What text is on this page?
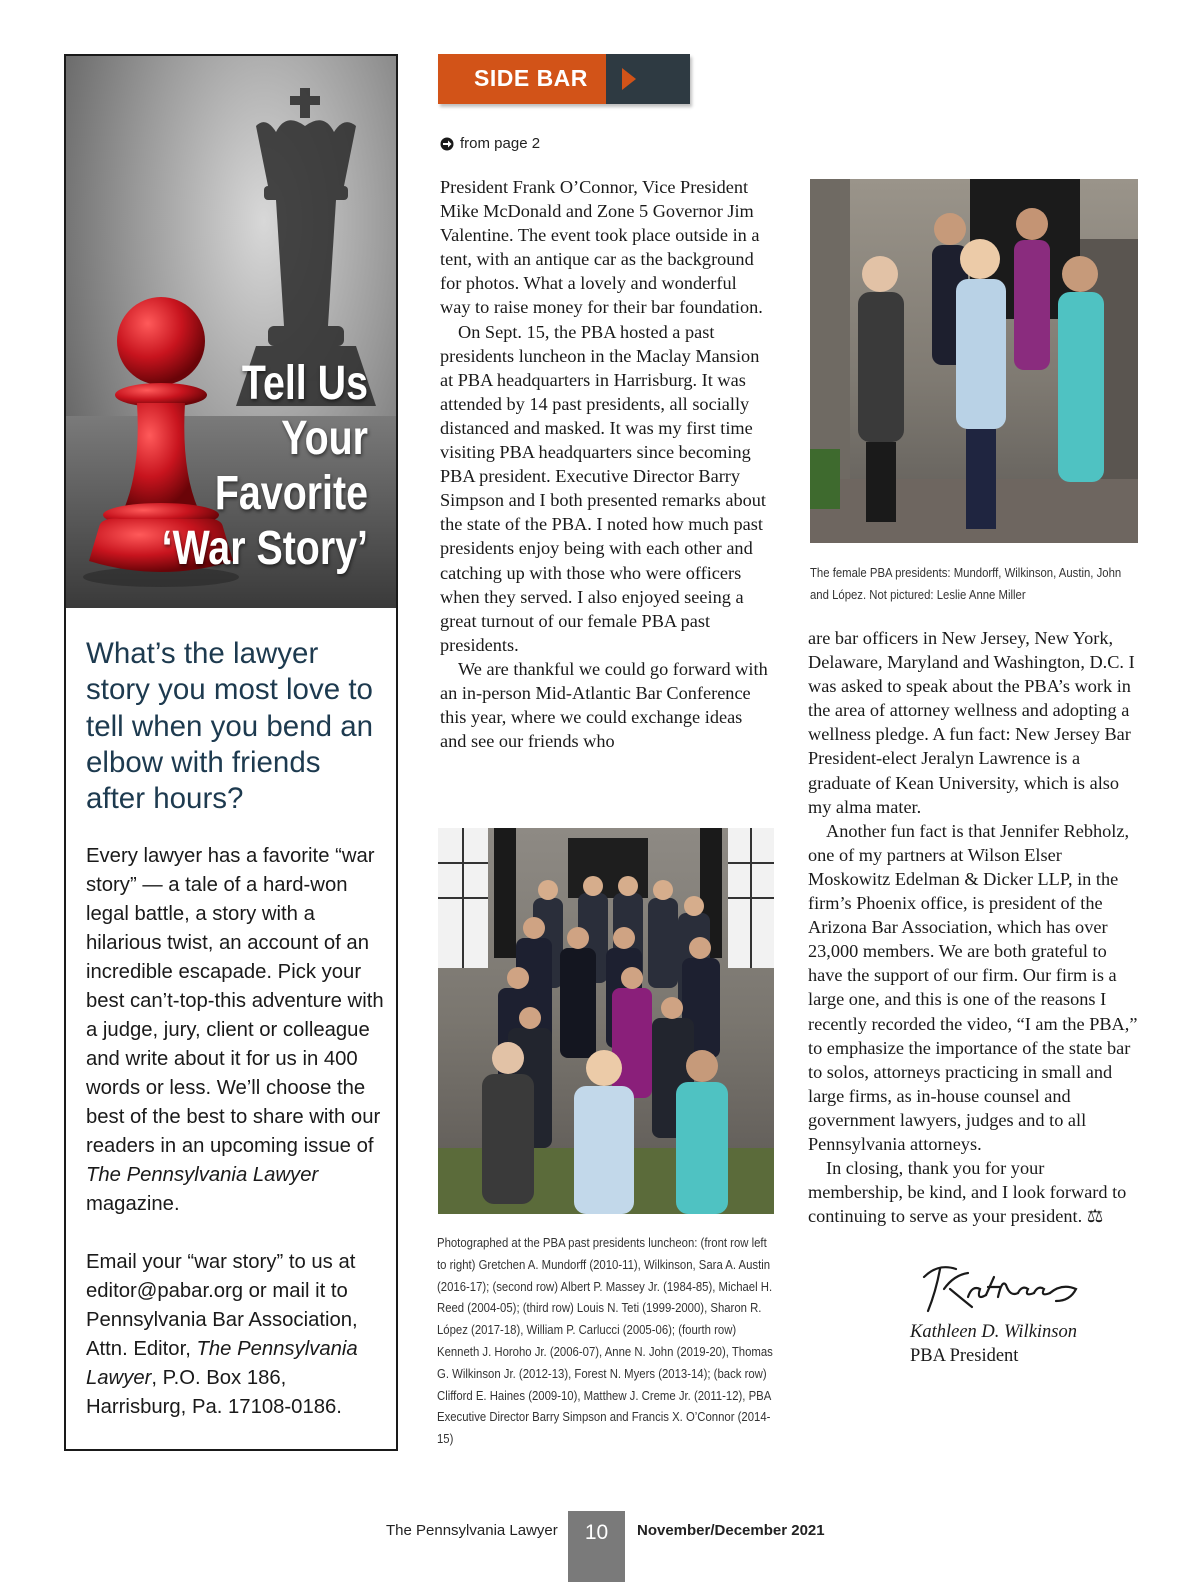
Tell Us
Your
Favorite
‘War Story’
What’s the lawyer story you most love to tell when you bend an elbow with friends after hours?

Every lawyer has a favorite “war story” — a tale of a hard-won legal battle, a story with a hilarious twist, an account of an incredible escapade. Pick your best can’t-top-this adventure with a judge, jury, client or colleague and write about it for us in 400 words or less. We’ll choose the best of the best to share with our readers in an upcoming issue of The Pennsylvania Lawyer magazine.

Email your “war story” to us at editor@pabar.org or mail it to Pennsylvania Bar Association, Attn. Editor, The Pennsylvania Lawyer, P.O. Box 186, Harrisburg, Pa. 17108-0186.

SIDE BAR
from page 2

President Frank O’Connor, Vice President Mike McDonald and Zone 5 Governor Jim Valentine. The event took place outside in a tent, with an antique car as the background for photos. What a lovely and wonderful way to raise money for their bar foundation.

On Sept. 15, the PBA hosted a past presidents luncheon in the Maclay Mansion at PBA headquarters in Harrisburg. It was attended by 14 past presidents, all socially distanced and masked. It was my first time visiting PBA headquarters since becoming PBA president. Executive Director Barry Simpson and I both presented remarks about the state of the PBA. I noted how much past presidents enjoy being with each other and catching up with those who were officers when they served. I also enjoyed seeing a great turnout of our female PBA past presidents.

We are thankful we could go forward with an in-person Mid-Atlantic Bar Conference this year, where we could exchange ideas and see our friends who

are bar officers in New Jersey, New York, Delaware, Maryland and Washington, D.C. I was asked to speak about the PBA’s work in the area of attorney wellness and adopting a wellness pledge. A fun fact: New Jersey Bar President-elect Jeralyn Lawrence is a graduate of Kean University, which is also my alma mater.

Another fun fact is that Jennifer Rebholz, one of my partners at Wilson Elser Moskowitz Edelman & Dicker LLP, in the firm’s Phoenix office, is president of the Arizona Bar Association, which has over 23,000 members. We are both grateful to have the support of our firm. Our firm is a large one, and this is one of the reasons I recently recorded the video, “I am the PBA,” to emphasize the importance of the state bar to solos, attorneys practicing in small and large firms, as in-house counsel and government lawyers, judges and to all Pennsylvania attorneys.

In closing, thank you for your membership, be kind, and I look forward to continuing to serve as your president. ⚖

The female PBA presidents: Mundorff, Wilkinson, Austin, John and López. Not pictured: Leslie Anne Miller
Photographed at the PBA past presidents luncheon: (front row left to right) Gretchen A. Mundorff (2010-11), Wilkinson, Sara A. Austin (2016-17); (second row) Albert P. Massey Jr. (1984-85), Michael H. Reed (2004-05); (third row) Louis N. Teti (1999-2000), Sharon R. López (2017-18), William P. Carlucci (2005-06); (fourth row) Kenneth J. Horoho Jr. (2006-07), Anne N. John (2019-20), Thomas G. Wilkinson Jr. (2012-13), Forest N. Myers (2013-14); (back row) Clifford E. Haines (2009-10), Matthew J. Creme Jr. (2011-12), PBA Executive Director Barry Simpson and Francis X. O’Connor (2014-15)
Kathleen D. Wilkinson
PBA President
The Pennsylvania Lawyer	10	November/December 2021
